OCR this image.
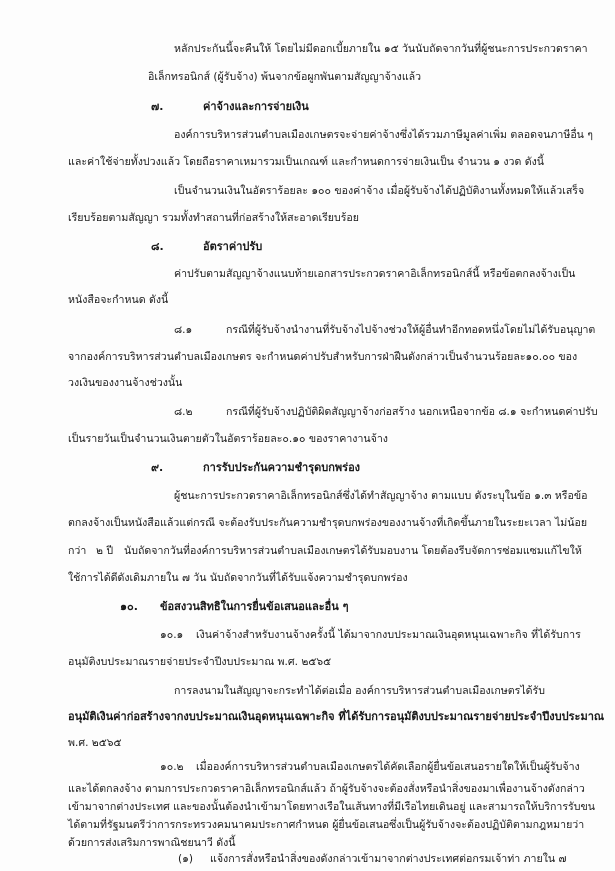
หลักประกันนี้จะคืนให้ โดยไม่มีดอกเบี้ยภายใน ๑๕ วันนับถัดจากวันที่ผู้ชนะการประกวดราคา
อิเล็กทรอนิกส์ (ผู้รับจ้าง) พ้นจากข้อผูกพันตามสัญญาจ้างแล้ว
๗.	ค่าจ้างและการจ่ายเงิน
องค์การบริหารส่วนตำบลเมืองเกษตรจะจ่ายค่าจ้างซึ่งได้รวมภาษีมูลค่าเพิ่ม ตลอดจนภาษีอื่น ๆ
และค่าใช้จ่ายทั้งปวงแล้ว โดยถือราคาเหมารวมเป็นเกณฑ์ และกำหนดการจ่ายเงินเป็น จำนวน ๑ งวด ดังนี้
เป็นจำนวนเงินในอัตราร้อยละ ๑๐๐ ของค่าจ้าง เมื่อผู้รับจ้างได้ปฏิบัติงานทั้งหมดให้แล้วเสร็จ
เรียบร้อยตามสัญญา รวมทั้งทำสถานที่ก่อสร้างให้สะอาดเรียบร้อย
๘.	อัตราค่าปรับ
ค่าปรับตามสัญญาจ้างแนบท้ายเอกสารประกวดราคาอิเล็กทรอนิกส์นี้ หรือข้อตกลงจ้างเป็น
หนังสือจะกำหนด ดังนี้
๘.๑	กรณีที่ผู้รับจ้างนำงานที่รับจ้างไปจ้างช่วงให้ผู้อื่นทำอีกทอดหนึ่งโดยไม่ได้รับอนุญาต
จากองค์การบริหารส่วนตำบลเมืองเกษตร จะกำหนดค่าปรับสำหรับการฝ่าฝืนดังกล่าวเป็นจำนวนร้อยละ๑๐.๐๐ ของ
วงเงินของงานจ้างช่วงนั้น
๘.๒	กรณีที่ผู้รับจ้างปฏิบัติผิดสัญญาจ้างก่อสร้าง นอกเหนือจากข้อ ๘.๑ จะกำหนดค่าปรับ
เป็นรายวันเป็นจำนวนเงินตายตัวในอัตราร้อยละ๐.๑๐ ของราคางานจ้าง
๙.	การรับประกันความชำรุดบกพร่อง
ผู้ชนะการประกวดราคาอิเล็กทรอนิกส์ซึ่งได้ทำสัญญาจ้าง ตามแบบ ดังระบุในข้อ ๑.๓ หรือข้อ
ตกลงจ้างเป็นหนังสือแล้วแต่กรณี จะต้องรับประกันความชำรุดบกพร่องของงานจ้างที่เกิดขึ้นภายในระยะเวลา ไม่น้อย
กว่า ๒ ปี นับถัดจากวันที่องค์การบริหารส่วนตำบลเมืองเกษตรได้รับมอบงาน โดยต้องรีบจัดการซ่อมแซมแก้ไขให้
ใช้การได้ดีดังเดิมภายใน ๗ วัน นับถัดจากวันที่ได้รับแจ้งความชำรุดบกพร่อง
๑๐. ข้อสงวนสิทธิในการยื่นข้อเสนอและอื่น ๆ
๑๐.๑ เงินค่าจ้างสำหรับงานจ้างครั้งนี้ ได้มาจากงบประมาณเงินอุดหนุนเฉพาะกิจ ที่ได้รับการ
อนุมัติงบประมาณรายจ่ายประจำปีงบประมาณ พ.ศ. ๒๕๖๕
การลงนามในสัญญาจะกระทำได้ต่อเมื่อ องค์การบริหารส่วนตำบลเมืองเกษตรได้รับ
อนุมัติเงินค่าก่อสร้างจากงบประมาณเงินอุดหนุนเฉพาะกิจ ที่ได้รับการอนุมัติงบประมาณรายจ่ายประจำปีงบประมาณ
พ.ศ. ๒๕๖๕
๑๐.๒ เมื่อองค์การบริหารส่วนตำบลเมืองเกษตรได้คัดเลือกผู้ยื่นข้อเสนอรายใดให้เป็นผู้รับจ้าง
และได้ตกลงจ้าง ตามการประกวดราคาอิเล็กทรอนิกส์แล้ว ถ้าผู้รับจ้างจะต้องสั่งหรือนำสิ่งของมาเพื่องานจ้างดังกล่าว
เข้ามาจากต่างประเทศ และของนั้นต้องนำเข้ามาโดยทางเรือในเส้นทางที่มีเรือไทยเดินอยู่ และสามารถให้บริการรับขน
ได้ตามที่รัฐมนตรีว่าการกระทรวงคมนาคมประกาศกำหนด ผู้ยื่นข้อเสนอซึ่งเป็นผู้รับจ้างจะต้องปฏิบัติตามกฎหมายว่า
ด้วยการส่งเสริมการพาณิชยนาวี ดังนี้
(๑) แจ้งการสั่งหรือนำสิ่งของดังกล่าวเข้ามาจากต่างประเทศต่อกรมเจ้าท่า ภายใน ๗
